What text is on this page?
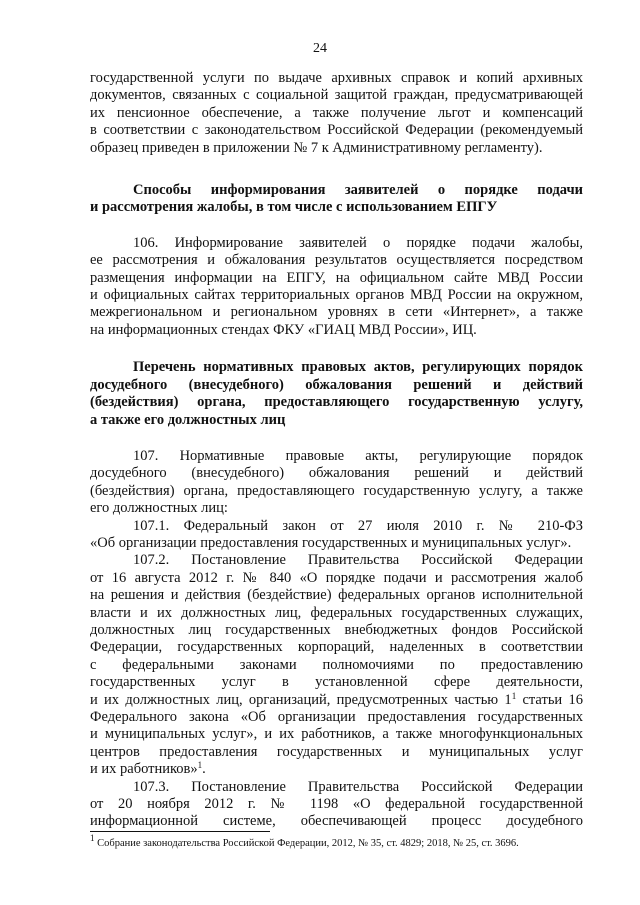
24

государственной услуги по выдаче архивных справок и копий архивных

документов, связанных с социальной защитой граждан, предусматривающей

их пенсионное обеспечение, а также получение льгот и компенсаций

в соответствии с законодательством Российской Федерации (рекомендуемый

образец приведен в приложении № 7 к Административному регламенту).

Способы информирования заявителей о порядке подачи

и рассмотрения жалобы, в том числе с использованием ЕПГУ

106. Информирование заявителей о порядке подачи жалобы,

ее рассмотрения и обжалования результатов осуществляется посредством

размещения информации на ЕПГУ, на официальном сайте МВД России

и официальных сайтах территориальных органов МВД России на окружном,

межрегиональном и региональном уровнях в сети «Интернет», а также

на информационных стендах ФКУ «ГИАЦ МВД России», ИЦ.

Перечень нормативных правовых актов, регулирующих порядок

досудебного (внесудебного) обжалования решений и действий

(бездействия) органа, предоставляющего государственную услугу,

а также его должностных лиц

107. Нормативные правовые акты, регулирующие порядок

досудебного (внесудебного) обжалования решений и действий

(бездействия) органа, предоставляющего государственную услугу, а также

его должностных лиц:

107.1. Федеральный закон от 27 июля 2010 г. № 210-ФЗ

«Об организации предоставления государственных и муниципальных услуг».

107.2. Постановление Правительства Российской Федерации

от 16 августа 2012 г. № 840 «О порядке подачи и рассмотрения жалоб

на решения и действия (бездействие) федеральных органов исполнительной

власти и их должностных лиц, федеральных государственных служащих,

должностных лиц государственных внебюджетных фондов Российской

Федерации, государственных корпораций, наделенных в соответствии

с федеральными законами полномочиями по предоставлению

государственных услуг в установленной сфере деятельности,

и их должностных лиц, организаций, предусмотренных частью $1^1$ статьи 16

Федерального закона «Об организации предоставления государственных

и муниципальных услуг», и их работников, а также многофункциональных

центров предоставления государственных и муниципальных услуг

и их работников»$^1$.

107.3. Постановление Правительства Российской Федерации

от 20 ноября 2012 г. № 1198 «О федеральной государственной

информационной системе, обеспечивающей процесс досудебного

$^1$ Собрание законодательства Российской Федерации, 2012, № 35, ст. 4829; 2018, № 25, ст. 3696.
